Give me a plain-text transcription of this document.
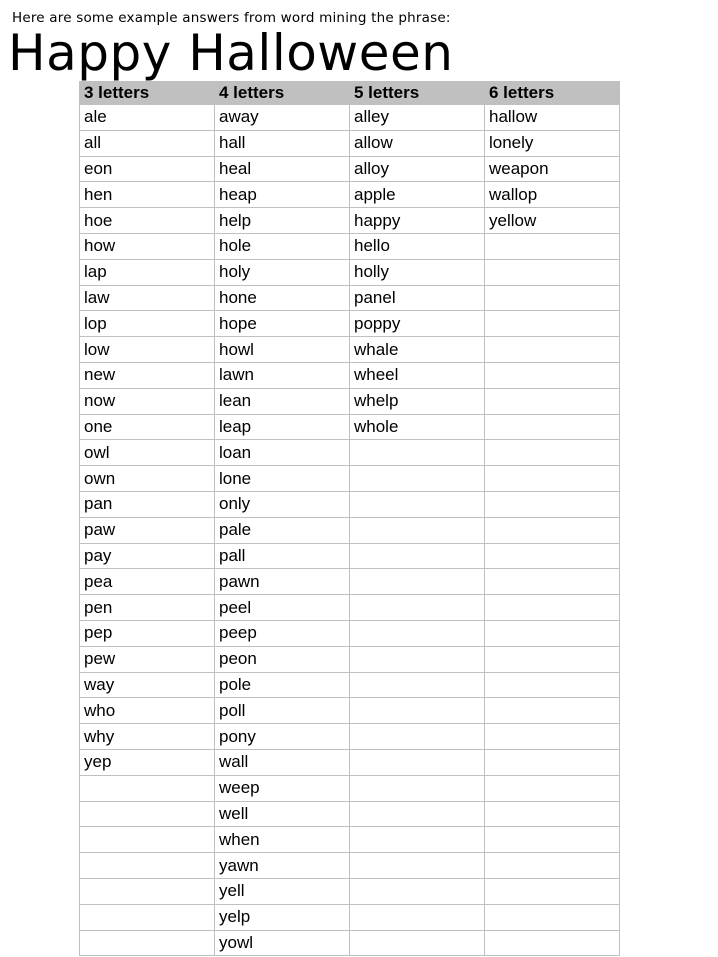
Here are some example answers from word mining the phrase:
Happy Halloween
3 letters	4 letters	5 letters	6 letters
ale	away	alley	hallow
all	hall	allow	lonely
eon	heal	alloy	weapon
hen	heap	apple	wallop
hoe	help	happy	yellow
how	hole	hello	
lap	holy	holly	
law	hone	panel	
lop	hope	poppy	
low	howl	whale	
new	lawn	wheel	
now	lean	whelp	
one	leap	whole	
owl	loan		
own	lone		
pan	only		
paw	pale		
pay	pall		
pea	pawn		
pen	peel		
pep	peep		
pew	peon		
way	pole		
who	poll		
why	pony		
yep	wall		
	weep		
	well		
	when		
	yawn		
	yell		
	yelp		
	yowl		
